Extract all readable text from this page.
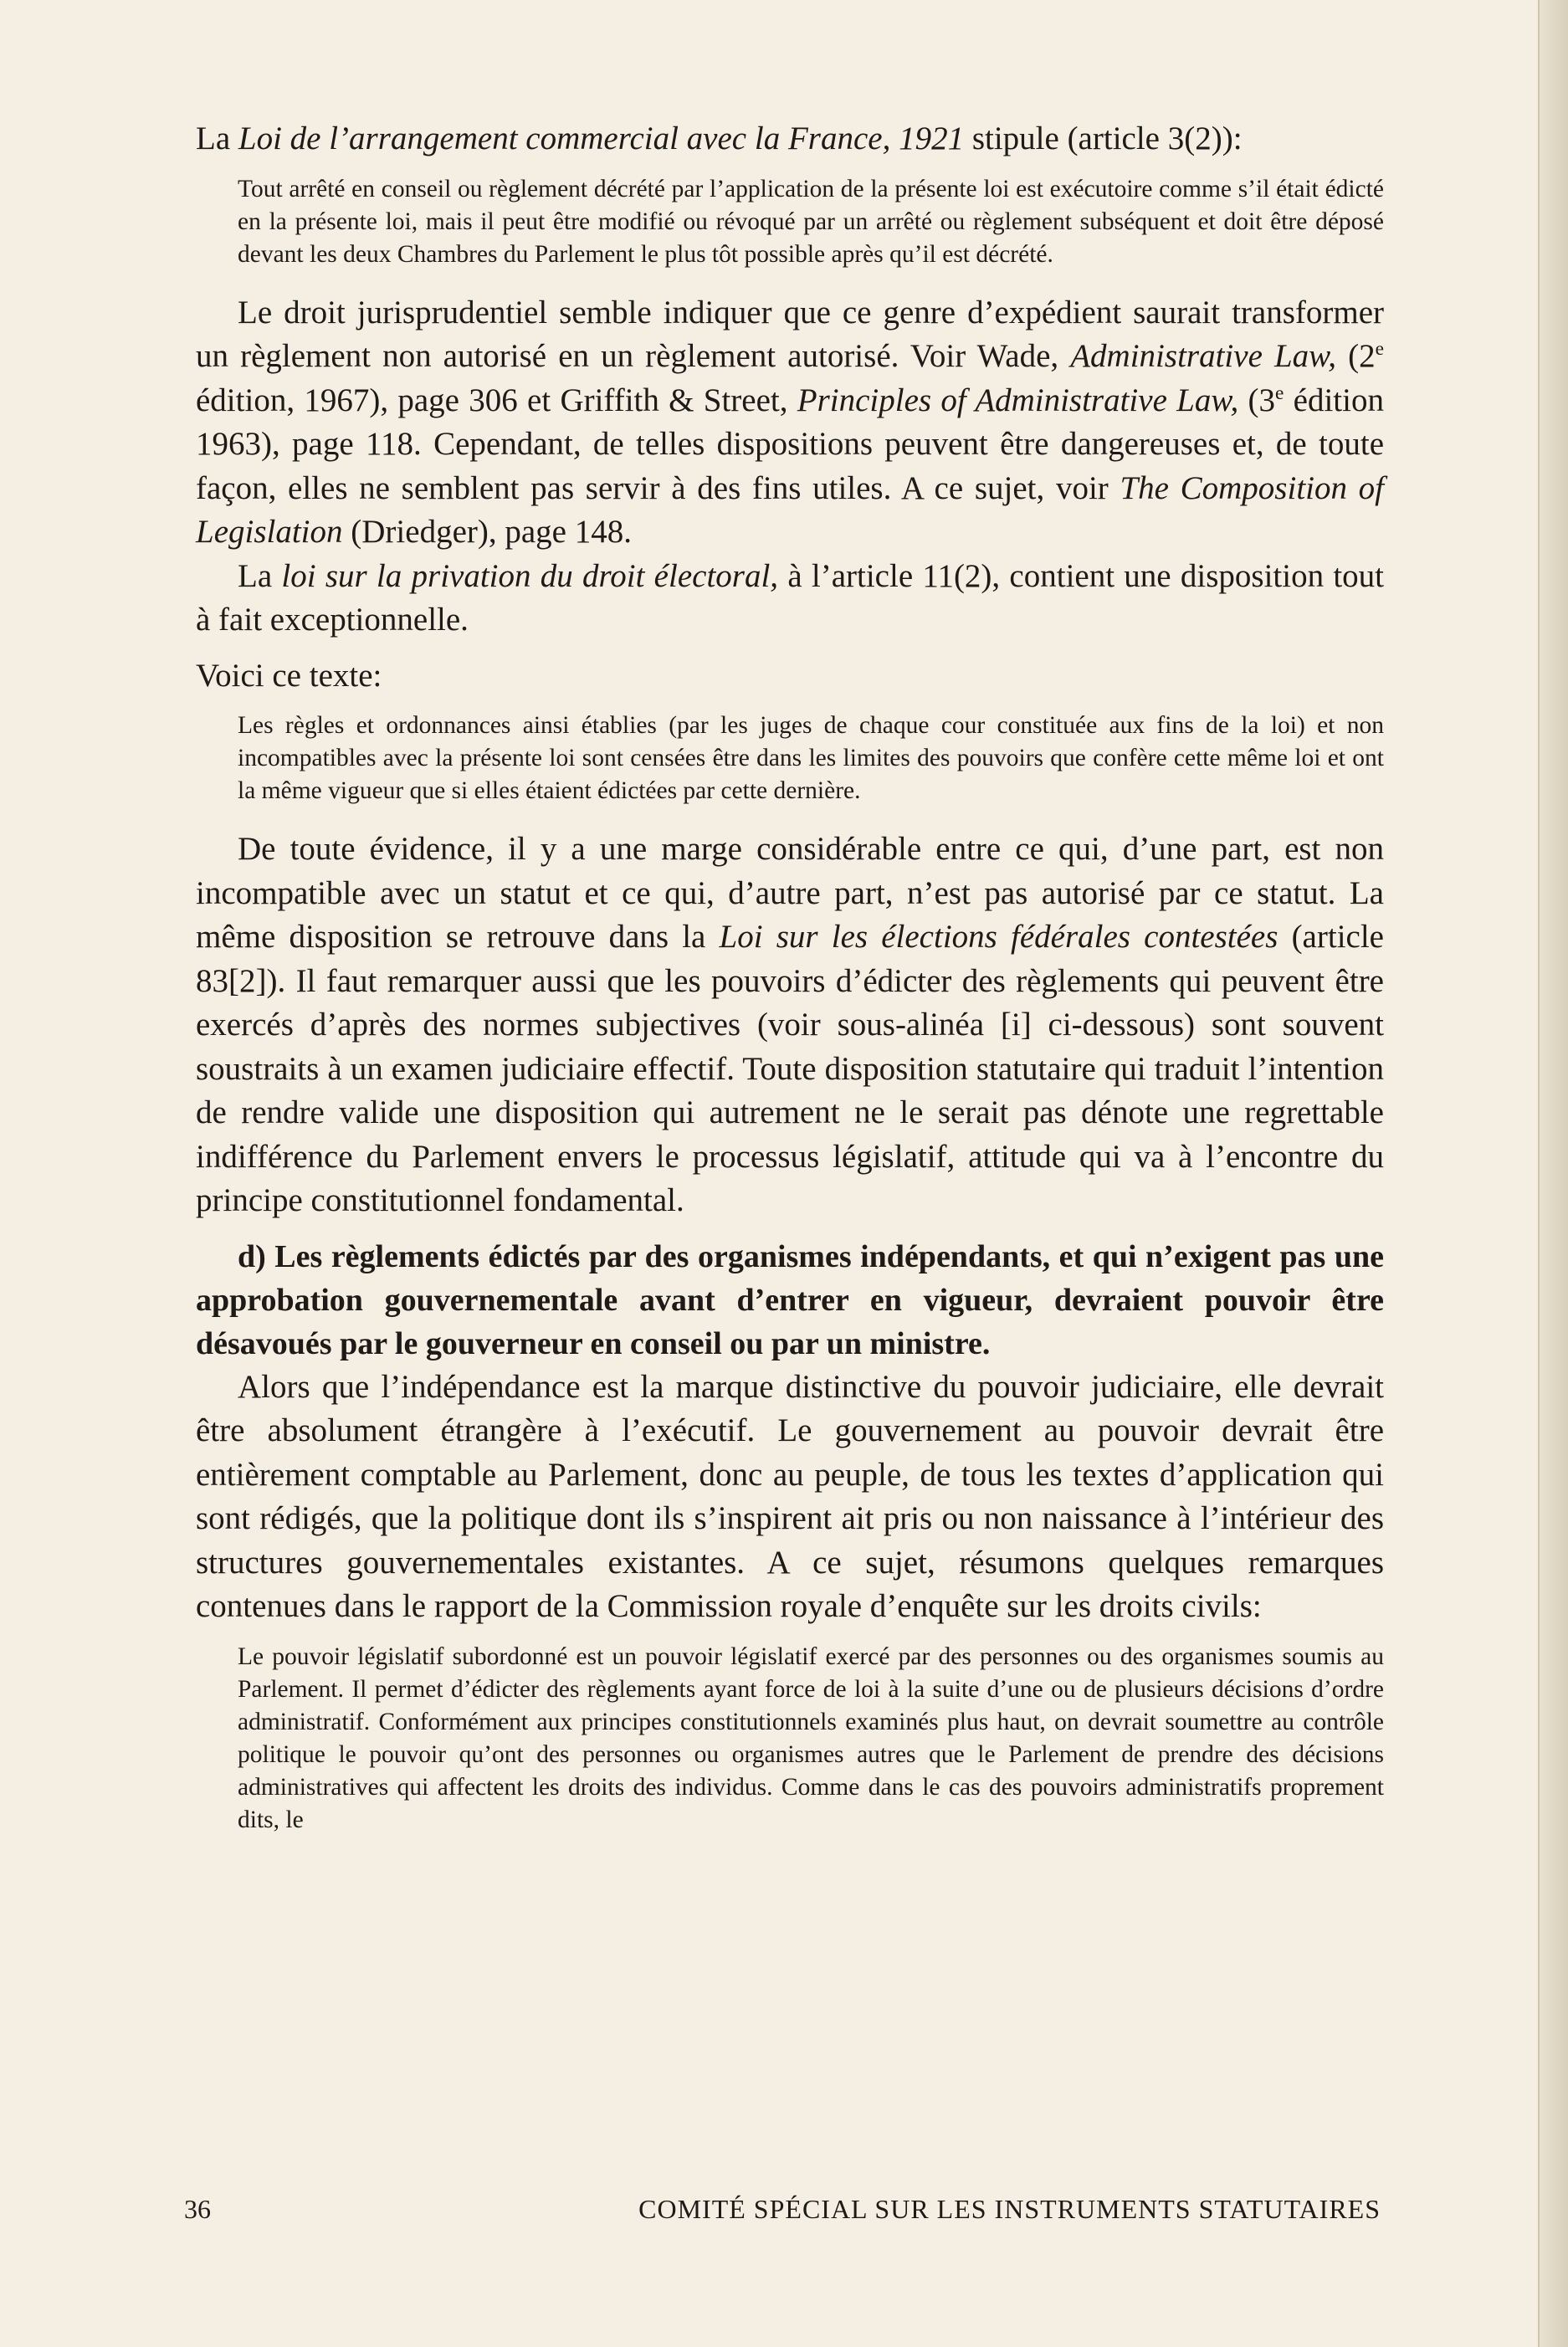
La Loi de l’arrangement commercial avec la France, 1921 stipule (article 3(2)):

Tout arrêté en conseil ou règlement décrété par l’application de la présente loi est exécutoire comme s’il était édicté en la présente loi, mais il peut être modifié ou révoqué par un arrêté ou règlement subséquent et doit être déposé devant les deux Chambres du Parlement le plus tôt possible après qu’il est décrété.

Le droit jurisprudentiel semble indiquer que ce genre d’expédient saurait transformer un règlement non autorisé en un règlement autorisé. Voir Wade, Administrative Law, (2e édition, 1967), page 306 et Griffith & Street, Principles of Administrative Law, (3e édition 1963), page 118. Cependant, de telles dispositions peuvent être dangereuses et, de toute façon, elles ne semblent pas servir à des fins utiles. A ce sujet, voir The Composition of Legislation (Driedger), page 148.

La loi sur la privation du droit électoral, à l’article 11(2), contient une disposition tout à fait exceptionnelle.

Voici ce texte:

Les règles et ordonnances ainsi établies (par les juges de chaque cour constituée aux fins de la loi) et non incompatibles avec la présente loi sont censées être dans les limites des pouvoirs que confère cette même loi et ont la même vigueur que si elles étaient édictées par cette dernière.

De toute évidence, il y a une marge considérable entre ce qui, d’une part, est non incompatible avec un statut et ce qui, d’autre part, n’est pas autorisé par ce statut. La même disposition se retrouve dans la Loi sur les élections fédérales contestées (article 83[2]). Il faut remarquer aussi que les pouvoirs d’édicter des règlements qui peuvent être exercés d’après des normes subjectives (voir sous-alinéa [i] ci-dessous) sont souvent soustraits à un examen judiciaire effectif. Toute disposition statutaire qui traduit l’intention de rendre valide une disposition qui autrement ne le serait pas dénote une regrettable indifférence du Parlement envers le processus législatif, attitude qui va à l’encontre du principe constitutionnel fondamental.

d) Les règlements édictés par des organismes indépendants, et qui n’exigent pas une approbation gouvernementale avant d’entrer en vigueur, devraient pouvoir être désavoués par le gouverneur en conseil ou par un ministre.

Alors que l’indépendance est la marque distinctive du pouvoir judiciaire, elle devrait être absolument étrangère à l’exécutif. Le gouvernement au pouvoir devrait être entièrement comptable au Parlement, donc au peuple, de tous les textes d’application qui sont rédigés, que la politique dont ils s’inspirent ait pris ou non naissance à l’intérieur des structures gouvernementales existantes. A ce sujet, résumons quelques remarques contenues dans le rapport de la Commission royale d’enquête sur les droits civils:

Le pouvoir législatif subordonné est un pouvoir législatif exercé par des personnes ou des organismes soumis au Parlement. Il permet d’édicter des règlements ayant force de loi à la suite d’une ou de plusieurs décisions d’ordre administratif. Conformément aux principes constitutionnels examinés plus haut, on devrait soumettre au contrôle politique le pouvoir qu’ont des personnes ou organismes autres que le Parlement de prendre des décisions administratives qui affectent les droits des individus. Comme dans le cas des pouvoirs administratifs proprement dits, le

36	COMITÉ SPÉCIAL SUR LES INSTRUMENTS STATUTAIRES
